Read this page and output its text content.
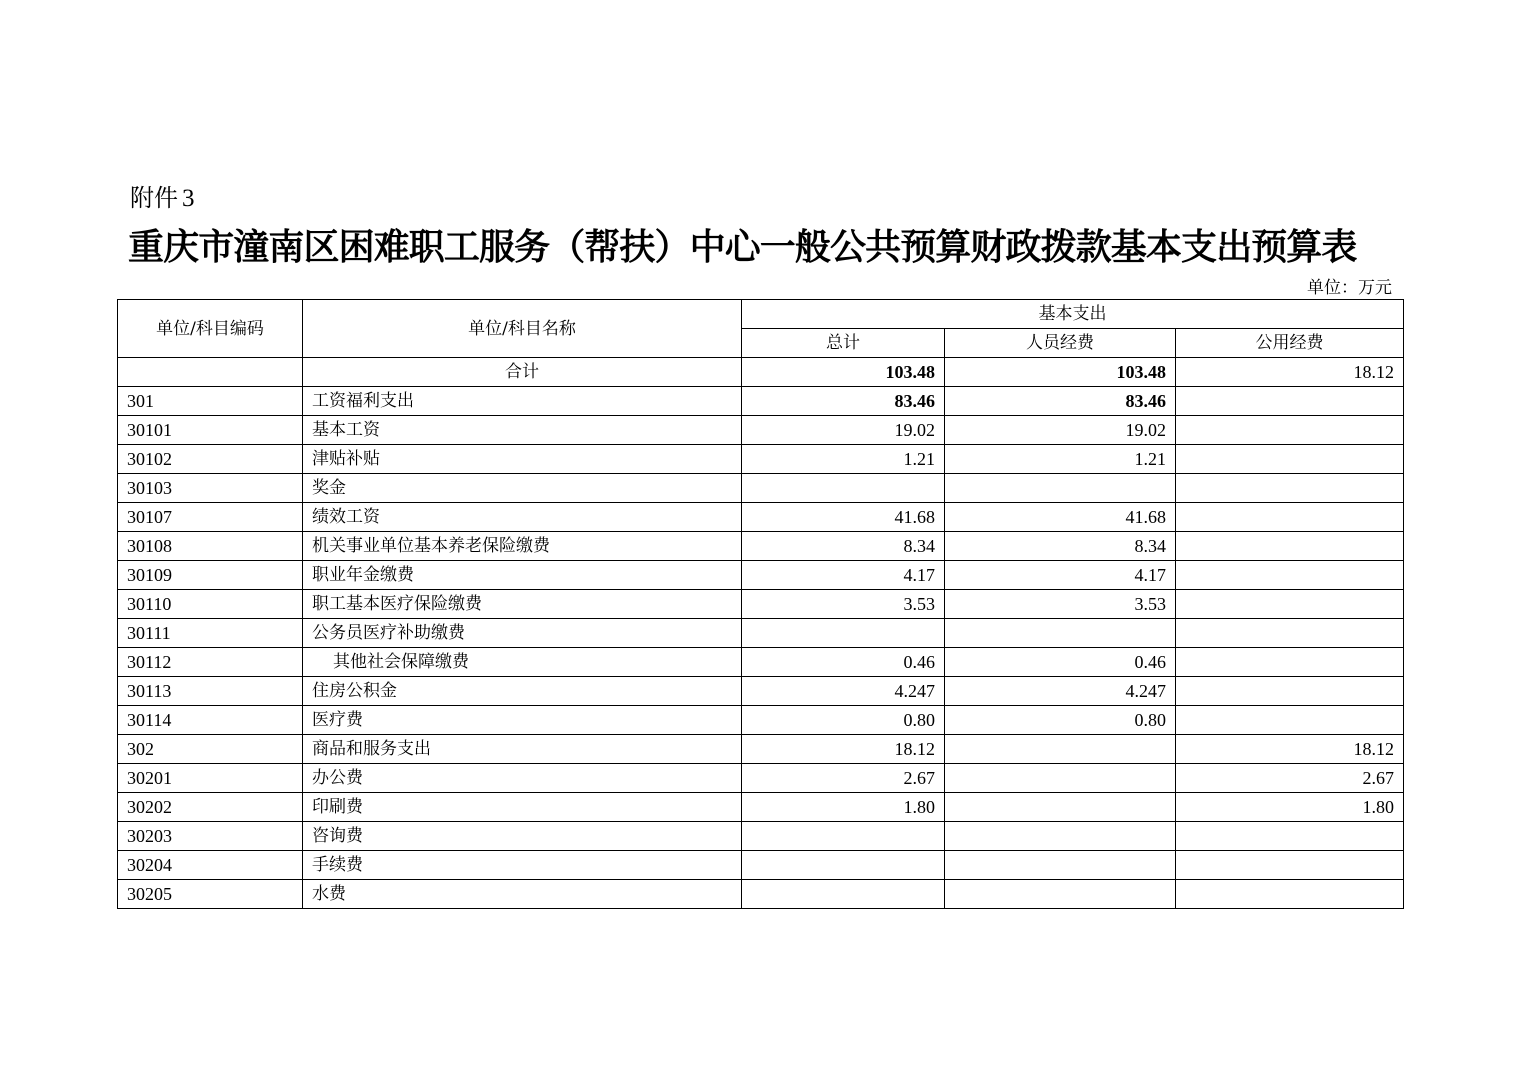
附件 3
重庆市潼南区困难职工服务（帮扶）中心一般公共预算财政拨款基本支出预算表
单位：万元
单位/科目编码	单位/科目名称	基本支出		
		总计	人员经费	公用经费
	合计	103.48	103.48	18.12
301	工资福利支出	83.46	83.46	
30101	基本工资	19.02	19.02	
30102	津贴补贴	1.21	1.21	
30103	奖金			
30107	绩效工资	41.68	41.68	
30108	机关事业单位基本养老保险缴费	8.34	8.34	
30109	职业年金缴费	4.17	4.17	
30110	职工基本医疗保险缴费	3.53	3.53	
30111	公务员医疗补助缴费			
30112	其他社会保障缴费	0.46	0.46	
30113	住房公积金	4.247	4.247	
30114	医疗费	0.80	0.80	
302	商品和服务支出	18.12		18.12
30201	办公费	2.67		2.67
30202	印刷费	1.80		1.80
30203	咨询费			
30204	手续费			
30205	水费			
